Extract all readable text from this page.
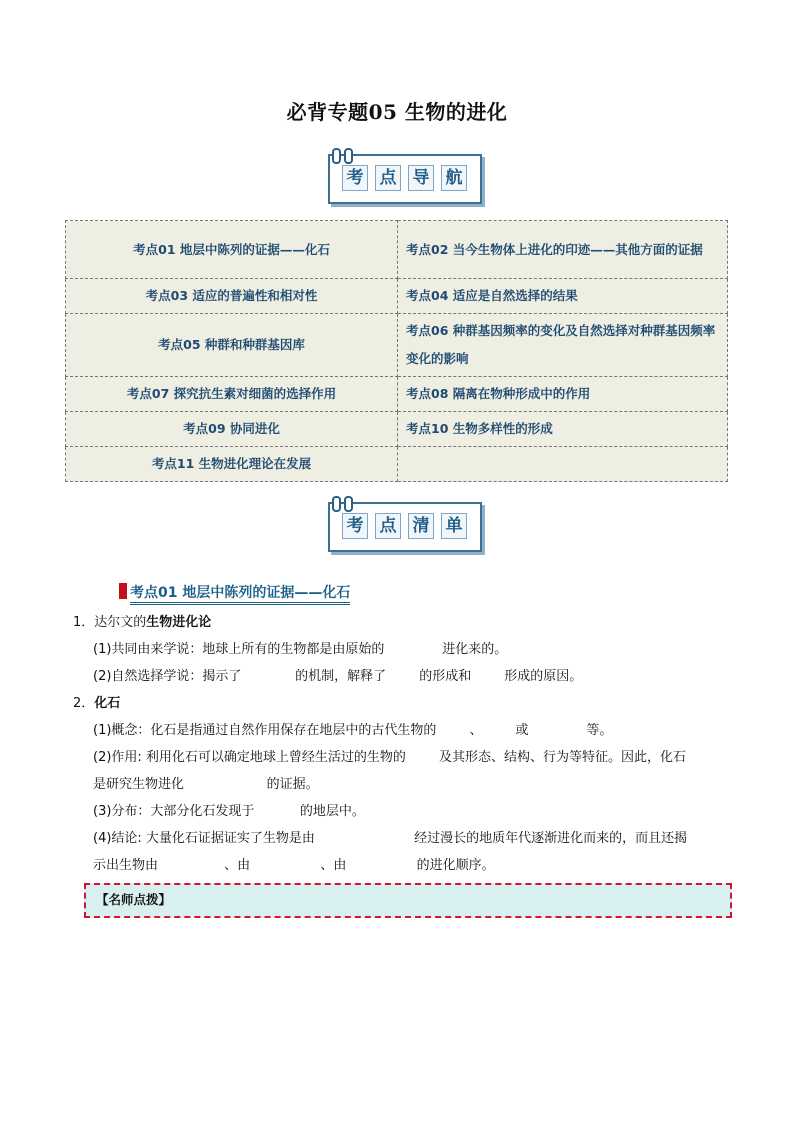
必背专题05 生物的进化
考 点 导 航
考点01 地层中陈列的证据——化石	考点02 当今生物体上进化的印迹——其他方面的证据

考点03 适应的普遍性和相对性	考点04 适应是自然选择的结果
考点05 种群和种群基因库	考点06 种群基因频率的变化及自然选择对种群基因频率变化的影响

考点07 探究抗生素对细菌的选择作用	考点08 隔离在物种形成中的作用
考点09 协同进化	考点10 生物多样性的形成
考点11 生物进化理论在发展	
考 点 清 单
考点01 地层中陈列的证据——化石
1．达尔文的生物进化论
(1)共同由来学说：地球上所有的生物都是由原始的              进化来的。
(2)自然选择学说：揭示了             的机制，解释了        的形成和        形成的原因。
2．化石
(1)概念：化石是指通过自然作用保存在地层中的古代生物的        、        或              等。
(2)作用: 利用化石可以确定地球上曾经生活过的生物的        及其形态、结构、行为等特征。因此，化石
是研究生物进化                    的证据。
(3)分布：大部分化石发现于           的地层中。
(4)结论: 大量化石证据证实了生物是由                        经过漫长的地质年代逐渐进化而来的，而且还揭
示出生物由                、由                 、由                 的进化顺序。
【名师点拨】
